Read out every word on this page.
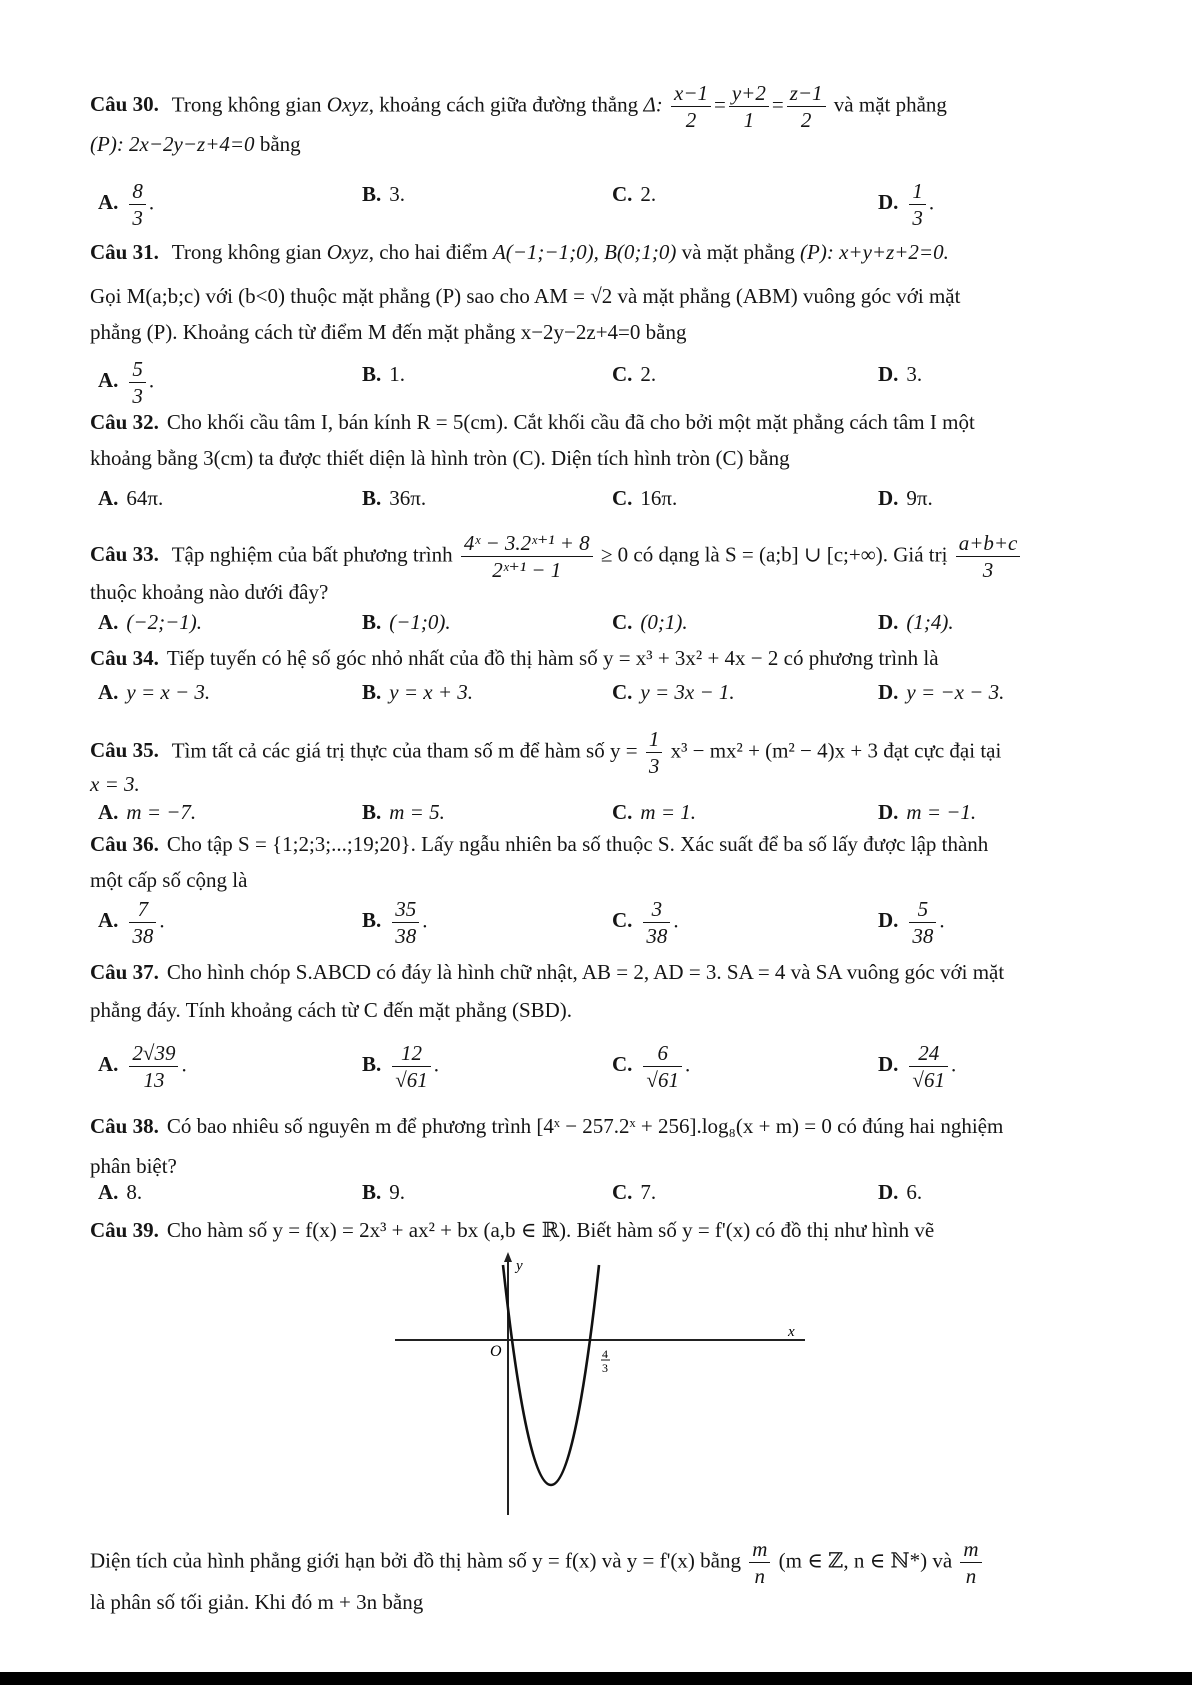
Câu 30. Trong không gian Oxyz, khoảng cách giữa đường thẳng Δ: $\frac{x-1}{2} = \frac{y+2}{1} = \frac{z-1}{2}$ và mặt phẳng
(P): 2x−2y−z+4=0 bằng
A. $\frac{8}{3}$ .	B. 3.	C. 2.	D. $\frac{1}{3}$ .
Câu 31. Trong không gian Oxyz, cho hai điểm A(−1;−1;0), B(0;1;0) và mặt phẳng (P): x+y+z+2=0.
Gọi M(a;b;c) với (b<0) thuộc mặt phẳng (P) sao cho AM = √2 và mặt phẳng (ABM) vuông góc với mặt
phẳng (P). Khoảng cách từ điểm M đến mặt phẳng x−2y−2z+4=0 bằng
A. $\frac{5}{3}$ .	B. 1.	C. 2.	D. 3.
Câu 32. Cho khối cầu tâm I, bán kính R = 5(cm). Cắt khối cầu đã cho bởi một mặt phẳng cách tâm I một
khoảng bằng 3(cm) ta được thiết diện là hình tròn (C). Diện tích hình tròn (C) bằng
A. 64π.	B. 36π.	C. 16π.	D. 9π.
Câu 33. Tập nghiệm của bất phương trình $\frac{\text{4ˣ − 3.2ˣ⁺¹ + 8}}{\text{2ˣ⁺¹ − 1}} \ge 0$ có dạng là S = (a;b] ∪ [c;+∞). Giá trị $\frac{a+b+c}{3}$
thuộc khoảng nào dưới đây?
A. (−2;−1).	B. (−1;0).	C. (0;1).	D. (1;4).
Câu 34. Tiếp tuyến có hệ số góc nhỏ nhất của đồ thị hàm số y = x³ + 3x² + 4x − 2 có phương trình là
A. y = x − 3.	B. y = x + 3.	C. y = 3x − 1.	D. y = −x − 3.
Câu 35. Tìm tất cả các giá trị thực của tham số m để hàm số $y = \frac{1}{3} x^3 - mx^2 + (m^2 - 4)x + 3$ đạt cực đại tại
x = 3.
A. m = −7.	B. m = 5.	C. m = 1.	D. m = −1.
Câu 36. Cho tập S = {1;2;3;...;19;20}. Lấy ngẫu nhiên ba số thuộc S. Xác suất để ba số lấy được lập thành
một cấp số cộng là
A. $\frac{7}{38}$ .	B. $\frac{35}{38}$ .	C. $\frac{3}{38}$ .	D. $\frac{5}{38}$ .
Câu 37. Cho hình chóp S.ABCD có đáy là hình chữ nhật, AB = 2, AD = 3. SA = 4 và SA vuông góc với mặt
phẳng đáy. Tính khoảng cách từ C đến mặt phẳng (SBD).
A. $\frac{2√39}{13}$ .	B. $\frac{12}{√61}$ .	C. $\frac{6}{√61}$ .	D. $\frac{24}{√61}$ .
Câu 38. Có bao nhiêu số nguyên m để phương trình [4ˣ − 257.2ˣ + 256].log₈(x + m) = 0 có đúng hai nghiệm
phân biệt?
A. 8.	B. 9.	C. 7.	D. 6.
Câu 39. Cho hàm số y = f(x) = 2x³ + ax² + bx (a,b ∈ ℝ). Biết hàm số y = f'(x) có đồ thị như hình vẽ
y
x
O	4
3
Diện tích của hình phẳng giới hạn bởi đồ thị hàm số y = f(x) và y = f'(x) bằng $\frac{m}{n} (m$ ∈ ℤ, n ∈ ℕ*) và $\frac{m}{n}$
là phân số tối giản. Khi đó m + 3n bằng
